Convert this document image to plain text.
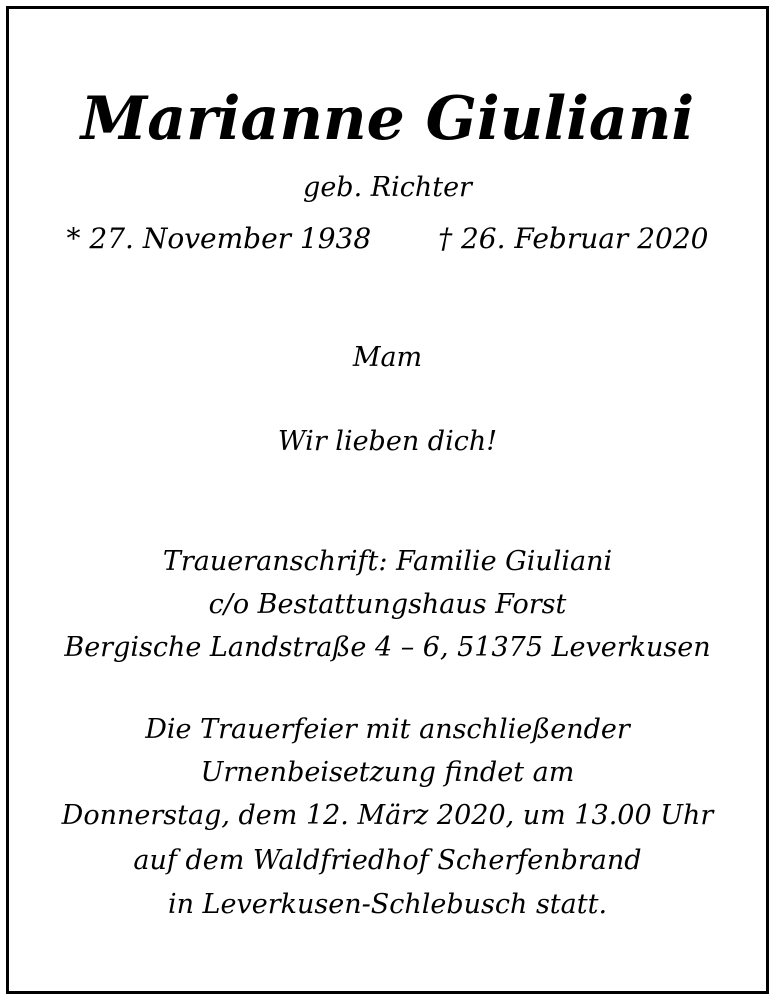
Marianne Giuliani
geb. Richter
* 27. November 1938 † 26. Februar 2020
Mam
Wir lieben dich!
Traueranschrift: Familie Giuliani
c/o Bestattungshaus Forst
Bergische Landstraße 4 – 6, 51375 Leverkusen
Die Trauerfeier mit anschließender
Urnenbeisetzung findet am
Donnerstag, dem 12. März 2020, um 13.00 Uhr
auf dem Waldfriedhof Scherfenbrand
in Leverkusen-Schlebusch statt.
